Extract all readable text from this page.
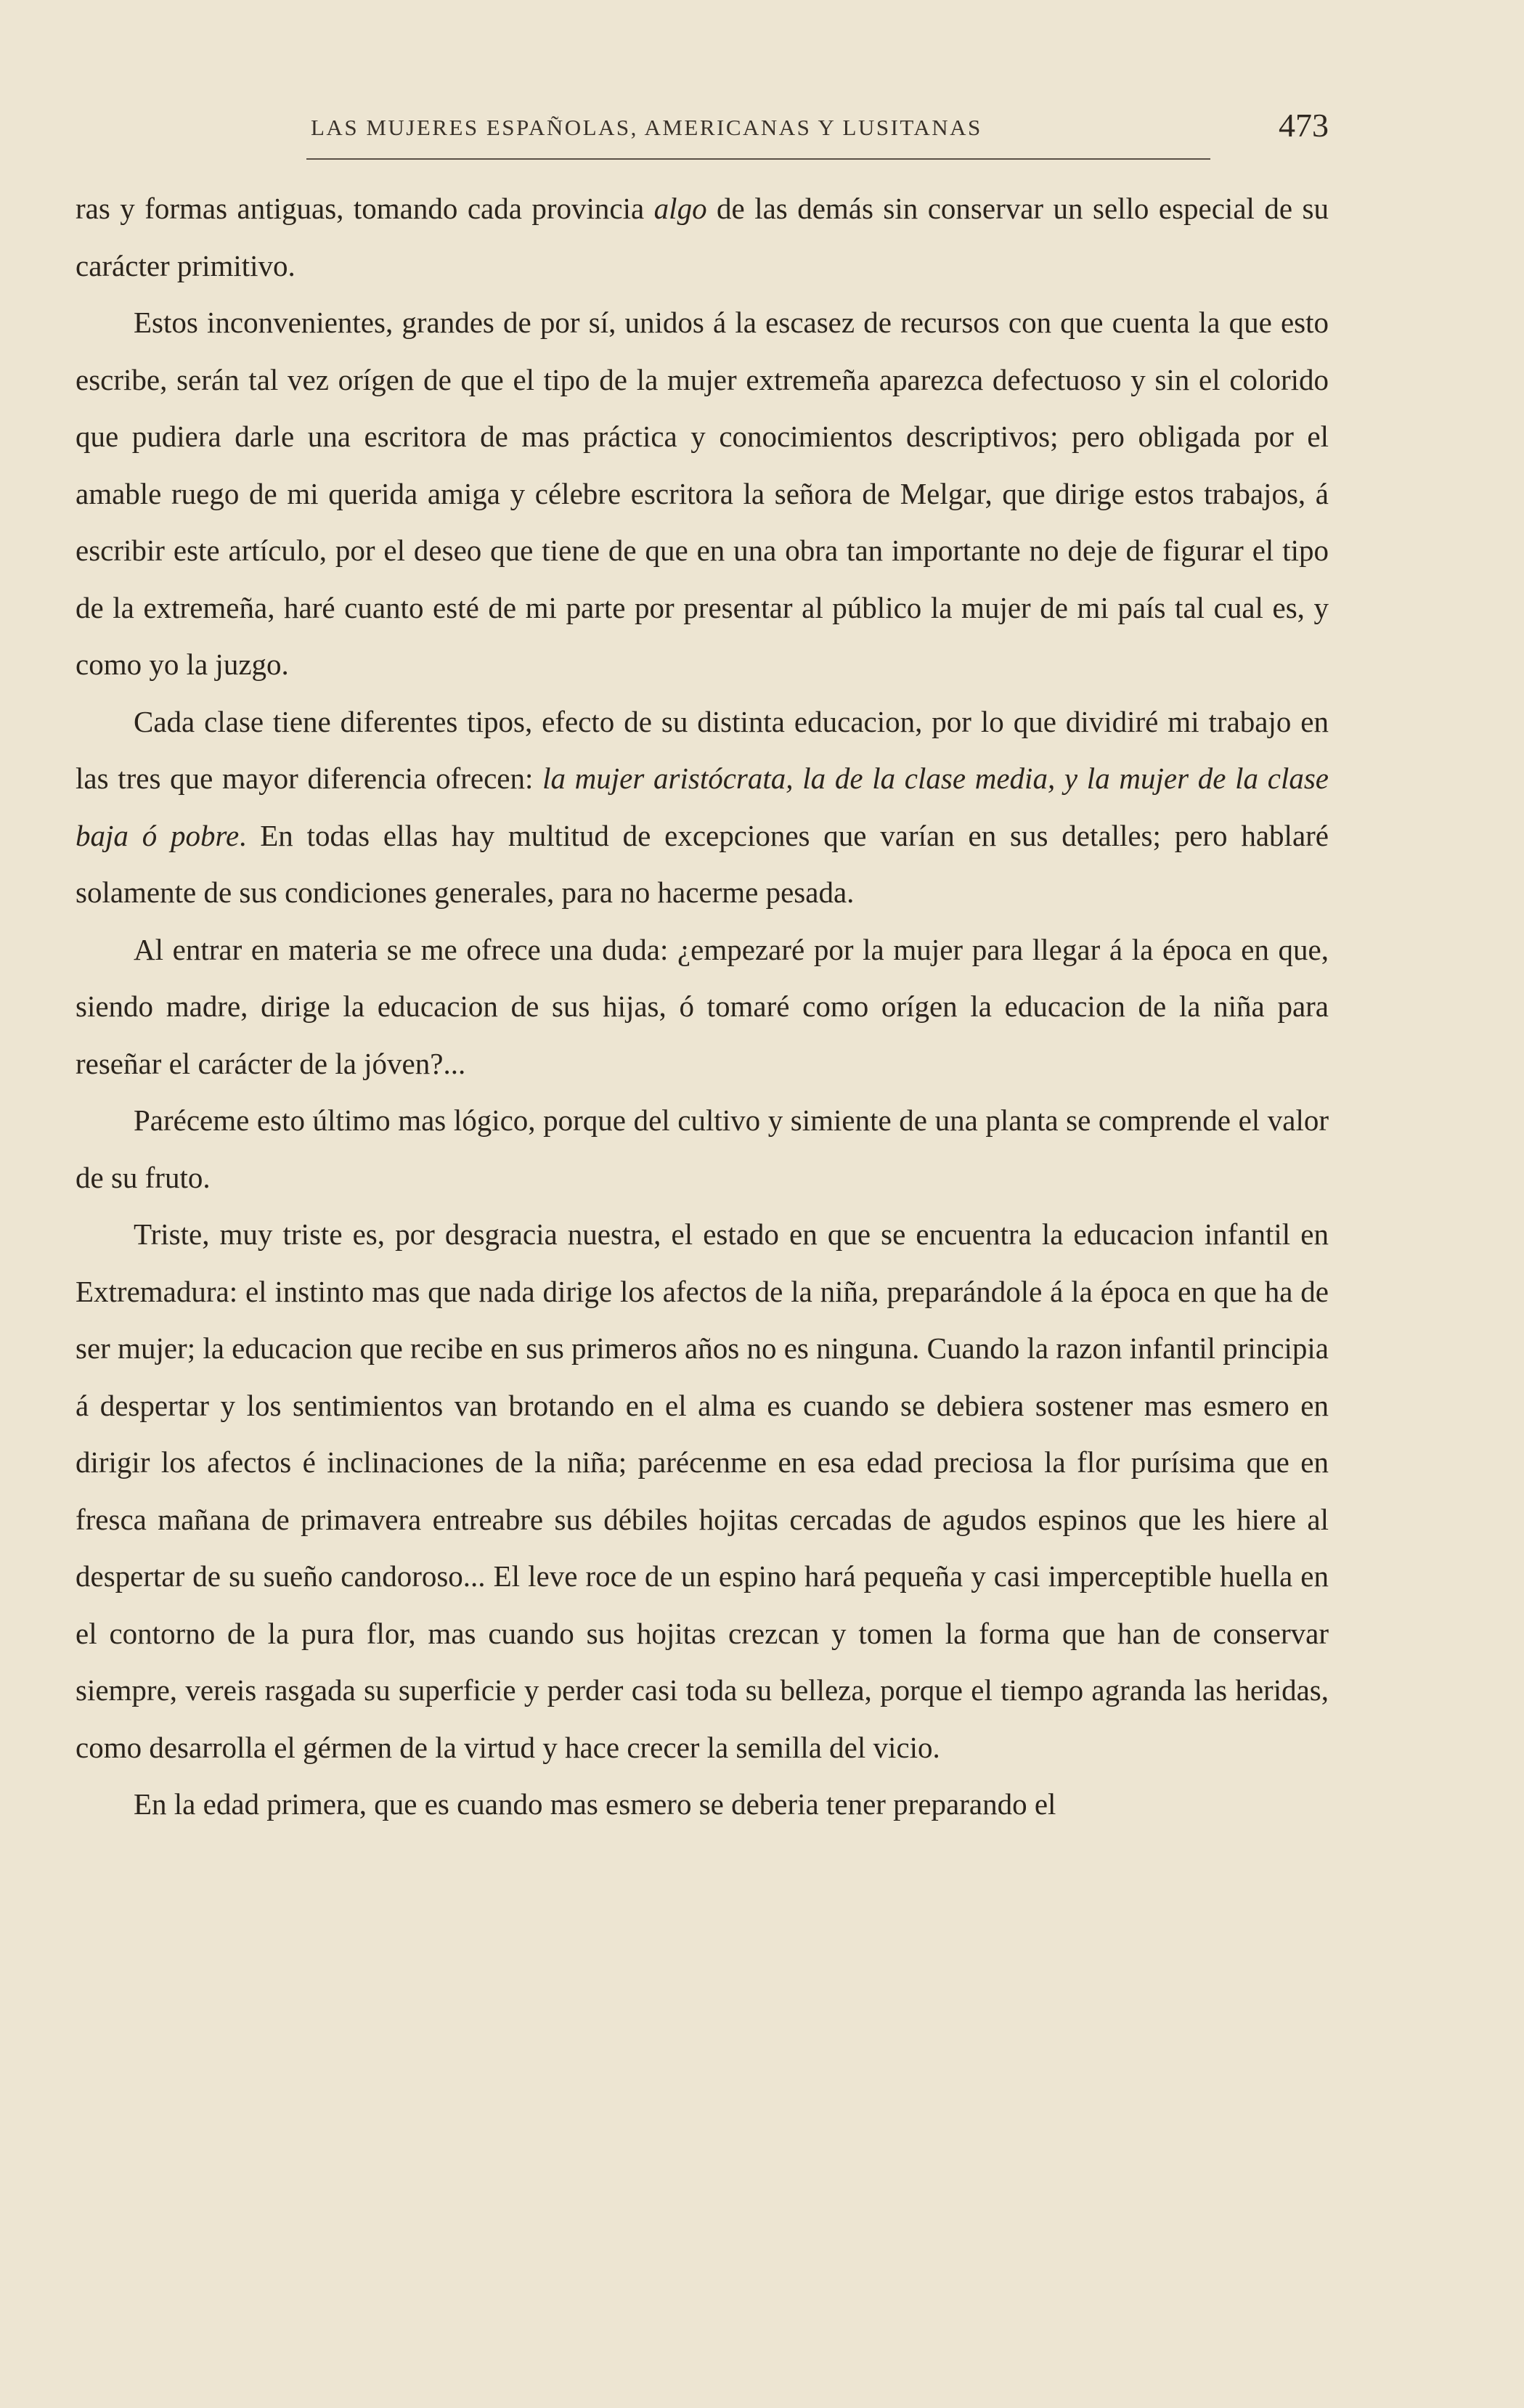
LAS MUJERES ESPAÑOLAS, AMERICANAS Y LUSITANAS	473

ras y formas antiguas, tomando cada provincia algo de las demás sin conservar un sello especial de su carácter primitivo.

Estos inconvenientes, grandes de por sí, unidos á la escasez de recursos con que cuenta la que esto escribe, serán tal vez orígen de que el tipo de la mujer extremeña aparezca defectuoso y sin el colorido que pudiera darle una escritora de mas práctica y conocimientos descriptivos; pero obligada por el amable ruego de mi querida amiga y célebre escritora la señora de Melgar, que dirige estos trabajos, á escribir este artículo, por el deseo que tiene de que en una obra tan importante no deje de figurar el tipo de la extremeña, haré cuanto esté de mi parte por presentar al público la mujer de mi país tal cual es, y como yo la juzgo.

Cada clase tiene diferentes tipos, efecto de su distinta educacion, por lo que dividiré mi trabajo en las tres que mayor diferencia ofrecen: la mujer aristócrata, la de la clase media, y la mujer de la clase baja ó pobre. En todas ellas hay multitud de excepciones que varían en sus detalles; pero hablaré solamente de sus condiciones generales, para no hacerme pesada.

Al entrar en materia se me ofrece una duda: ¿empezaré por la mujer para llegar á la época en que, siendo madre, dirige la educacion de sus hijas, ó tomaré como orígen la educacion de la niña para reseñar el carácter de la jóven?...

Paréceme esto último mas lógico, porque del cultivo y simiente de una planta se comprende el valor de su fruto.

Triste, muy triste es, por desgracia nuestra, el estado en que se encuentra la educacion infantil en Extremadura: el instinto mas que nada dirige los afectos de la niña, preparándole á la época en que ha de ser mujer; la educacion que recibe en sus primeros años no es ninguna. Cuando la razon infantil principia á despertar y los sentimientos van brotando en el alma es cuando se debiera sostener mas esmero en dirigir los afectos é inclinaciones de la niña; parécenme en esa edad preciosa la flor purísima que en fresca mañana de primavera entreabre sus débiles hojitas cercadas de agudos espinos que les hiere al despertar de su sueño candoroso... El leve roce de un espino hará pequeña y casi imperceptible huella en el contorno de la pura flor, mas cuando sus hojitas crezcan y tomen la forma que han de conservar siempre, vereis rasgada su superficie y perder casi toda su belleza, porque el tiempo agranda las heridas, como desarrolla el gérmen de la virtud y hace crecer la semilla del vicio.

En la edad primera, que es cuando mas esmero se deberia tener preparando el
